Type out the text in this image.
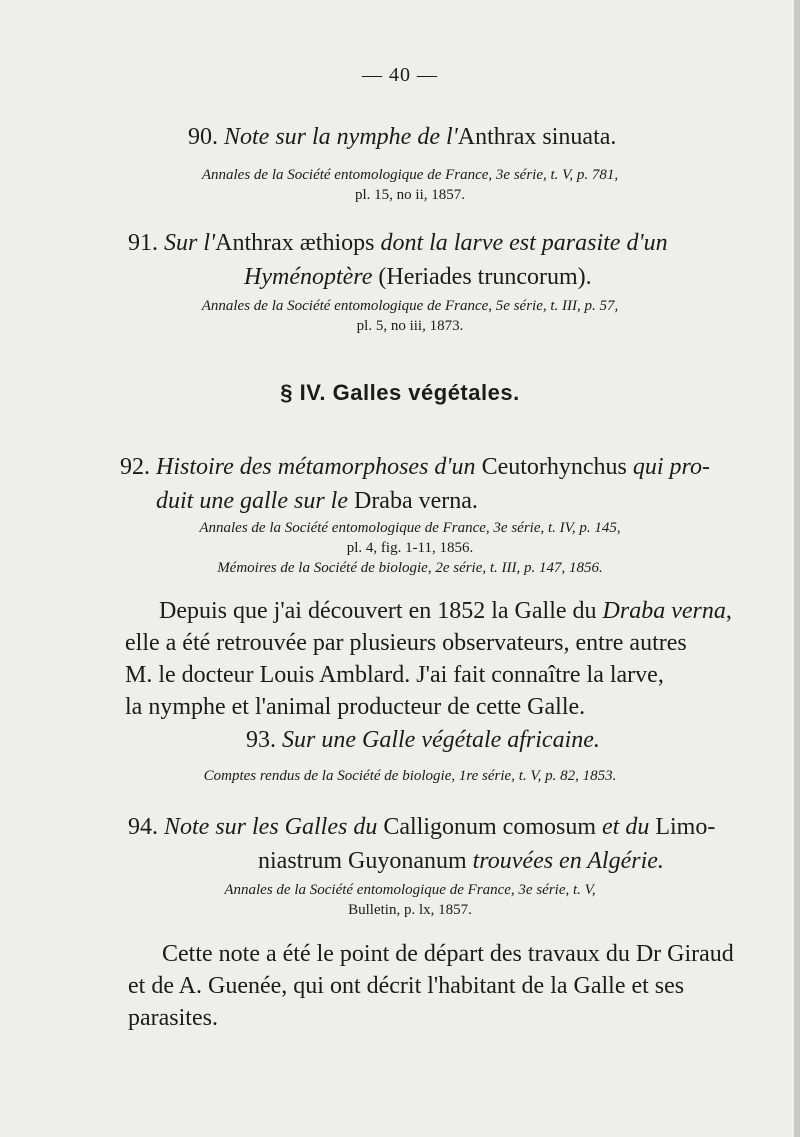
— 40 —
90. Note sur la nymphe de l'Anthrax sinuata.
Annales de la Société entomologique de France, 3e série, t. V, p. 781,
pl. 15, no ii, 1857.
91. Sur l'Anthrax æthiops dont la larve est parasite d'un
Hyménoptère (Heriades truncorum).
Annales de la Société entomologique de France, 5e série, t. III, p. 57,
pl. 5, no iii, 1873.
§ IV. Galles végétales.
92. Histoire des métamorphoses d'un Ceutorhynchus qui pro-
duit une galle sur le Draba verna.
Annales de la Société entomologique de France, 3e série, t. IV, p. 145,
pl. 4, fig. 1-11, 1856.
Mémoires de la Société de biologie, 2e série, t. III, p. 147, 1856.
Depuis que j'ai découvert en 1852 la Galle du Draba verna,
elle a été retrouvée par plusieurs observateurs, entre autres
M. le docteur Louis Amblard. J'ai fait connaître la larve,
la nymphe et l'animal producteur de cette Galle.
93. Sur une Galle végétale africaine.
Comptes rendus de la Société de biologie, 1re série, t. V, p. 82, 1853.
94. Note sur les Galles du Calligonum comosum et du Limo-
niastrum Guyonanum trouvées en Algérie.
Annales de la Société entomologique de France, 3e série, t. V,
Bulletin, p. lx, 1857.
Cette note a été le point de départ des travaux du Dr Giraud
et de A. Guenée, qui ont décrit l'habitant de la Galle et ses
parasites.
